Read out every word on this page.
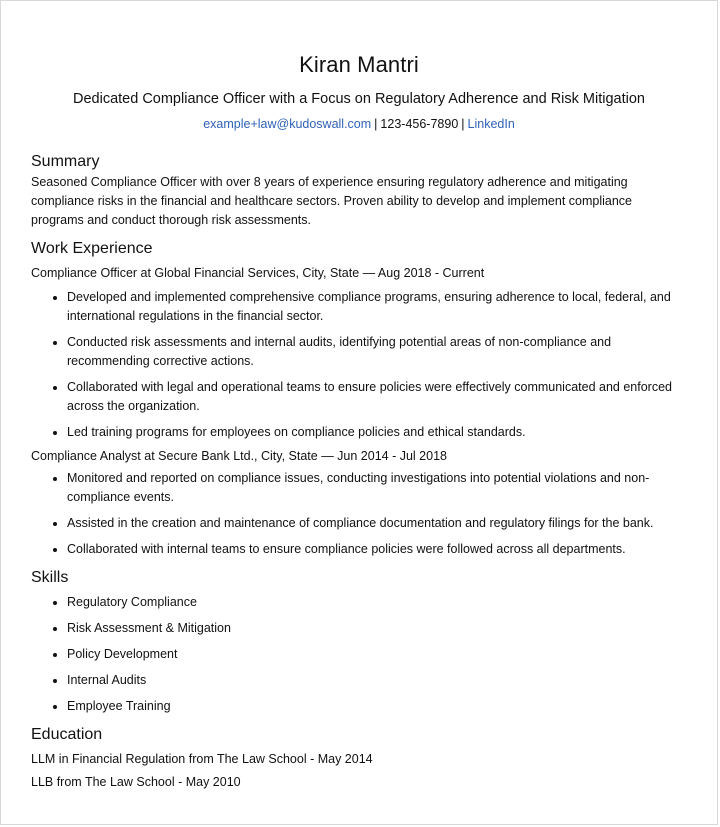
Kiran Mantri

Dedicated Compliance Officer with a Focus on Regulatory Adherence and Risk Mitigation

example+law@kudoswall.com | 123-456-7890 | LinkedIn
Summary
Seasoned Compliance Officer with over 8 years of experience ensuring regulatory adherence and mitigating compliance risks in the financial and healthcare sectors. Proven ability to develop and implement compliance programs and conduct thorough risk assessments.
Work Experience
Compliance Officer at Global Financial Services, City, State — Aug 2018 - Current
• Developed and implemented comprehensive compliance programs, ensuring adherence to local, federal, and international regulations in the financial sector.
• Conducted risk assessments and internal audits, identifying potential areas of non-compliance and recommending corrective actions.
• Collaborated with legal and operational teams to ensure policies were effectively communicated and enforced across the organization.
• Led training programs for employees on compliance policies and ethical standards.
Compliance Analyst at Secure Bank Ltd., City, State — Jun 2014 - Jul 2018
• Monitored and reported on compliance issues, conducting investigations into potential violations and non-compliance events.
• Assisted in the creation and maintenance of compliance documentation and regulatory filings for the bank.
• Collaborated with internal teams to ensure compliance policies were followed across all departments.
Skills
• Regulatory Compliance
• Risk Assessment & Mitigation
• Policy Development
• Internal Audits
• Employee Training
Education
LLM in Financial Regulation from The Law School - May 2014
LLB from The Law School - May 2010
